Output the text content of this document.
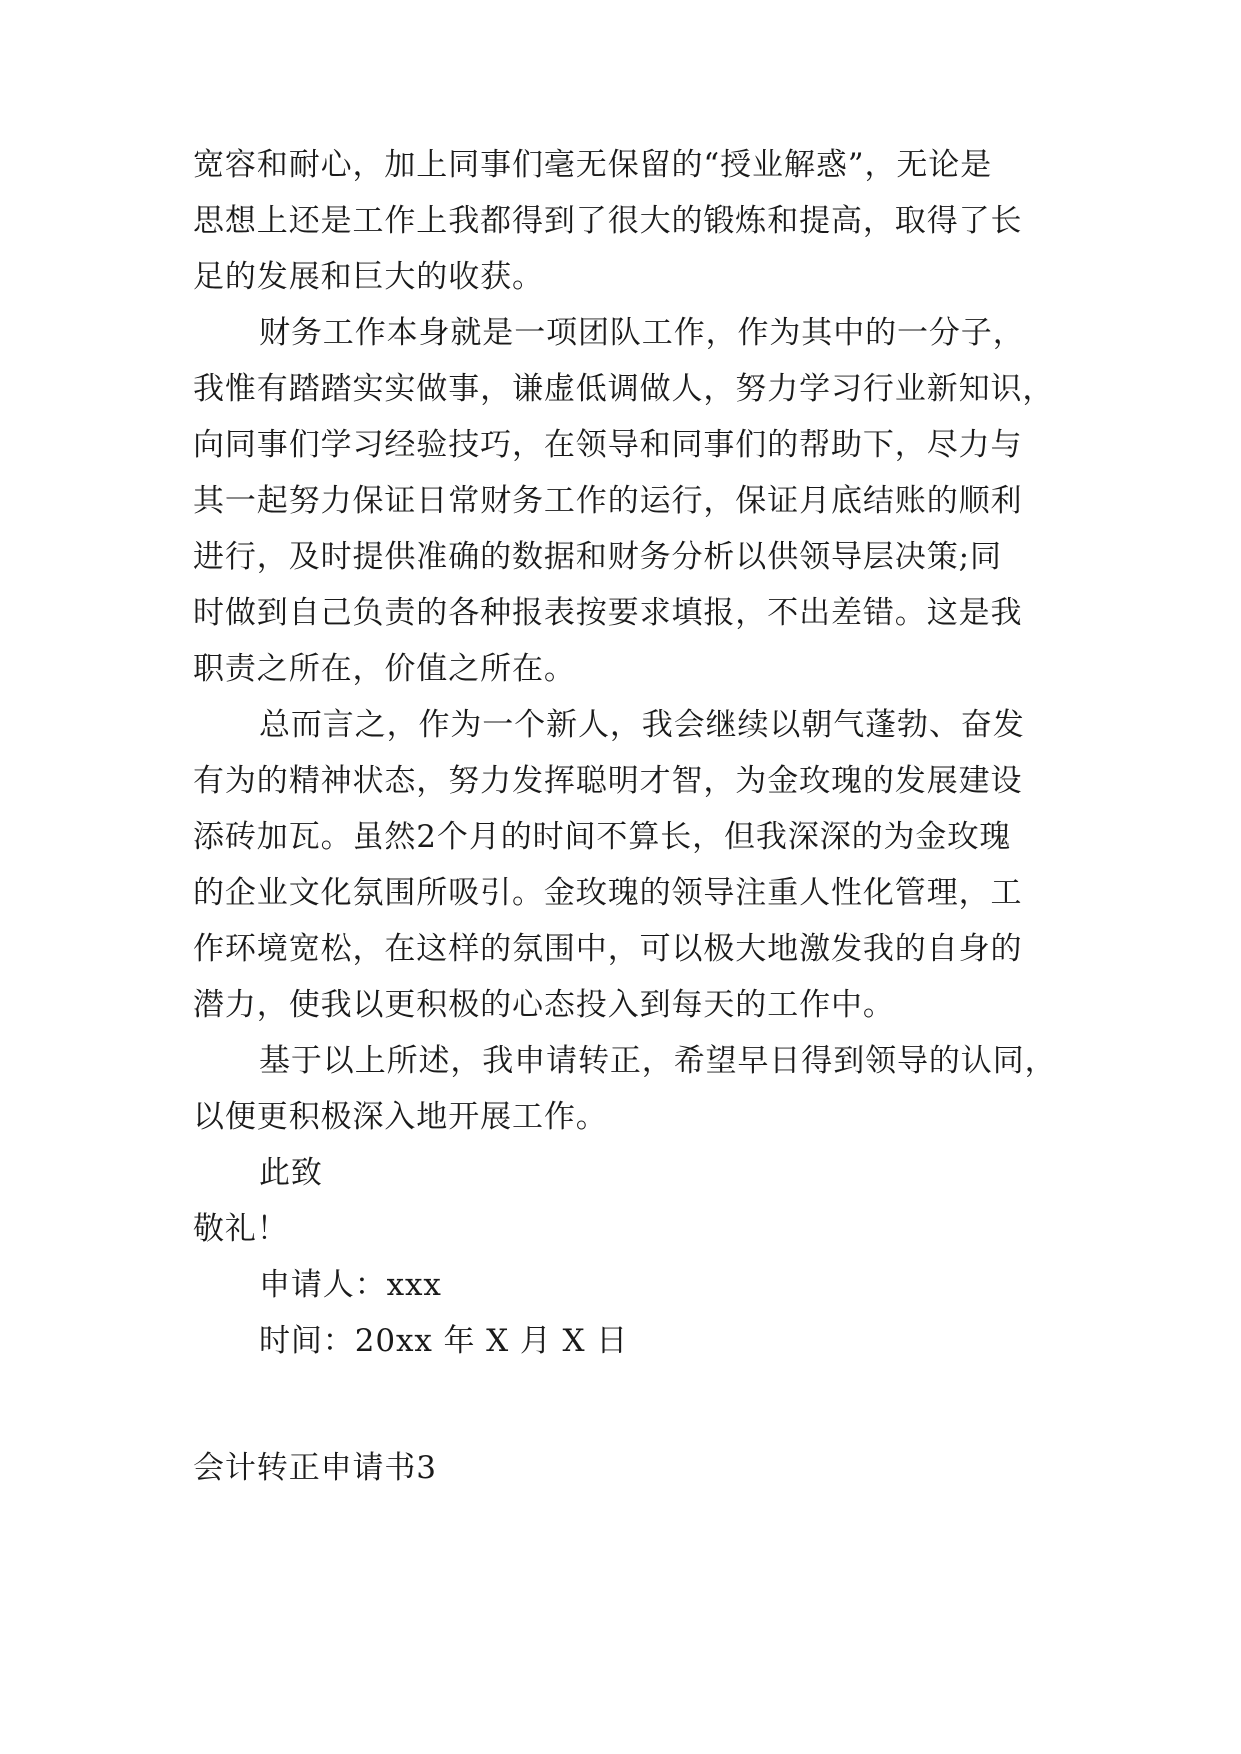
宽容和耐心，加上同事们毫无保留的“授业解惑”，无论是
思想上还是工作上我都得到了很大的锻炼和提高，取得了长
足的发展和巨大的收获。
财务工作本身就是一项团队工作，作为其中的一分子，
我惟有踏踏实实做事，谦虚低调做人，努力学习行业新知识，
向同事们学习经验技巧，在领导和同事们的帮助下，尽力与
其一起努力保证日常财务工作的运行，保证月底结账的顺利
进行，及时提供准确的数据和财务分析以供领导层决策;同
时做到自己负责的各种报表按要求填报，不出差错。这是我
职责之所在，价值之所在。
总而言之，作为一个新人，我会继续以朝气蓬勃、奋发
有为的精神状态，努力发挥聪明才智，为金玫瑰的发展建设
添砖加瓦。虽然2个月的时间不算长，但我深深的为金玫瑰
的企业文化氛围所吸引。金玫瑰的领导注重人性化管理，工
作环境宽松，在这样的氛围中，可以极大地激发我的自身的
潜力，使我以更积极的心态投入到每天的工作中。
基于以上所述，我申请转正，希望早日得到领导的认同，
以便更积极深入地开展工作。
此致
敬礼！
申请人：xxx
时间：20xx 年 X 月 X 日
会计转正申请书3
